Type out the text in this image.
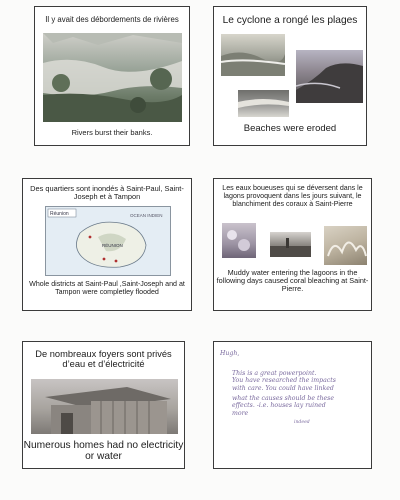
Il y avait des débordements de rivières
Rivers burst their banks.
Le cyclone a rongé les plages
Beaches were eroded
Des quartiers sont inondés à Saint-Paul, Saint-Joseph et à Tampon
Réunion	OCEAN INDIEN
RÉUNION
Whole districts at Saint-Paul ,Saint-Joseph and at Tampon were completley flooded
Les eaux boueuses qui se déversent dans le lagons provoquent dans les jours suivant, le blanchiment des coraux à Saint-Pierre
Muddy water entering the lagoons in the following days caused coral bleaching at Saint-Pierre.
De nombreaux foyers sont privés d’eau et d’électricité
Numerous homes had no electricity or water
Hugh,
This is a great powerpoint.
You have researched the impacts
with care. You could have linked
what the causes should be these
effects. -i.e. houses lay ruined
more
indeed
